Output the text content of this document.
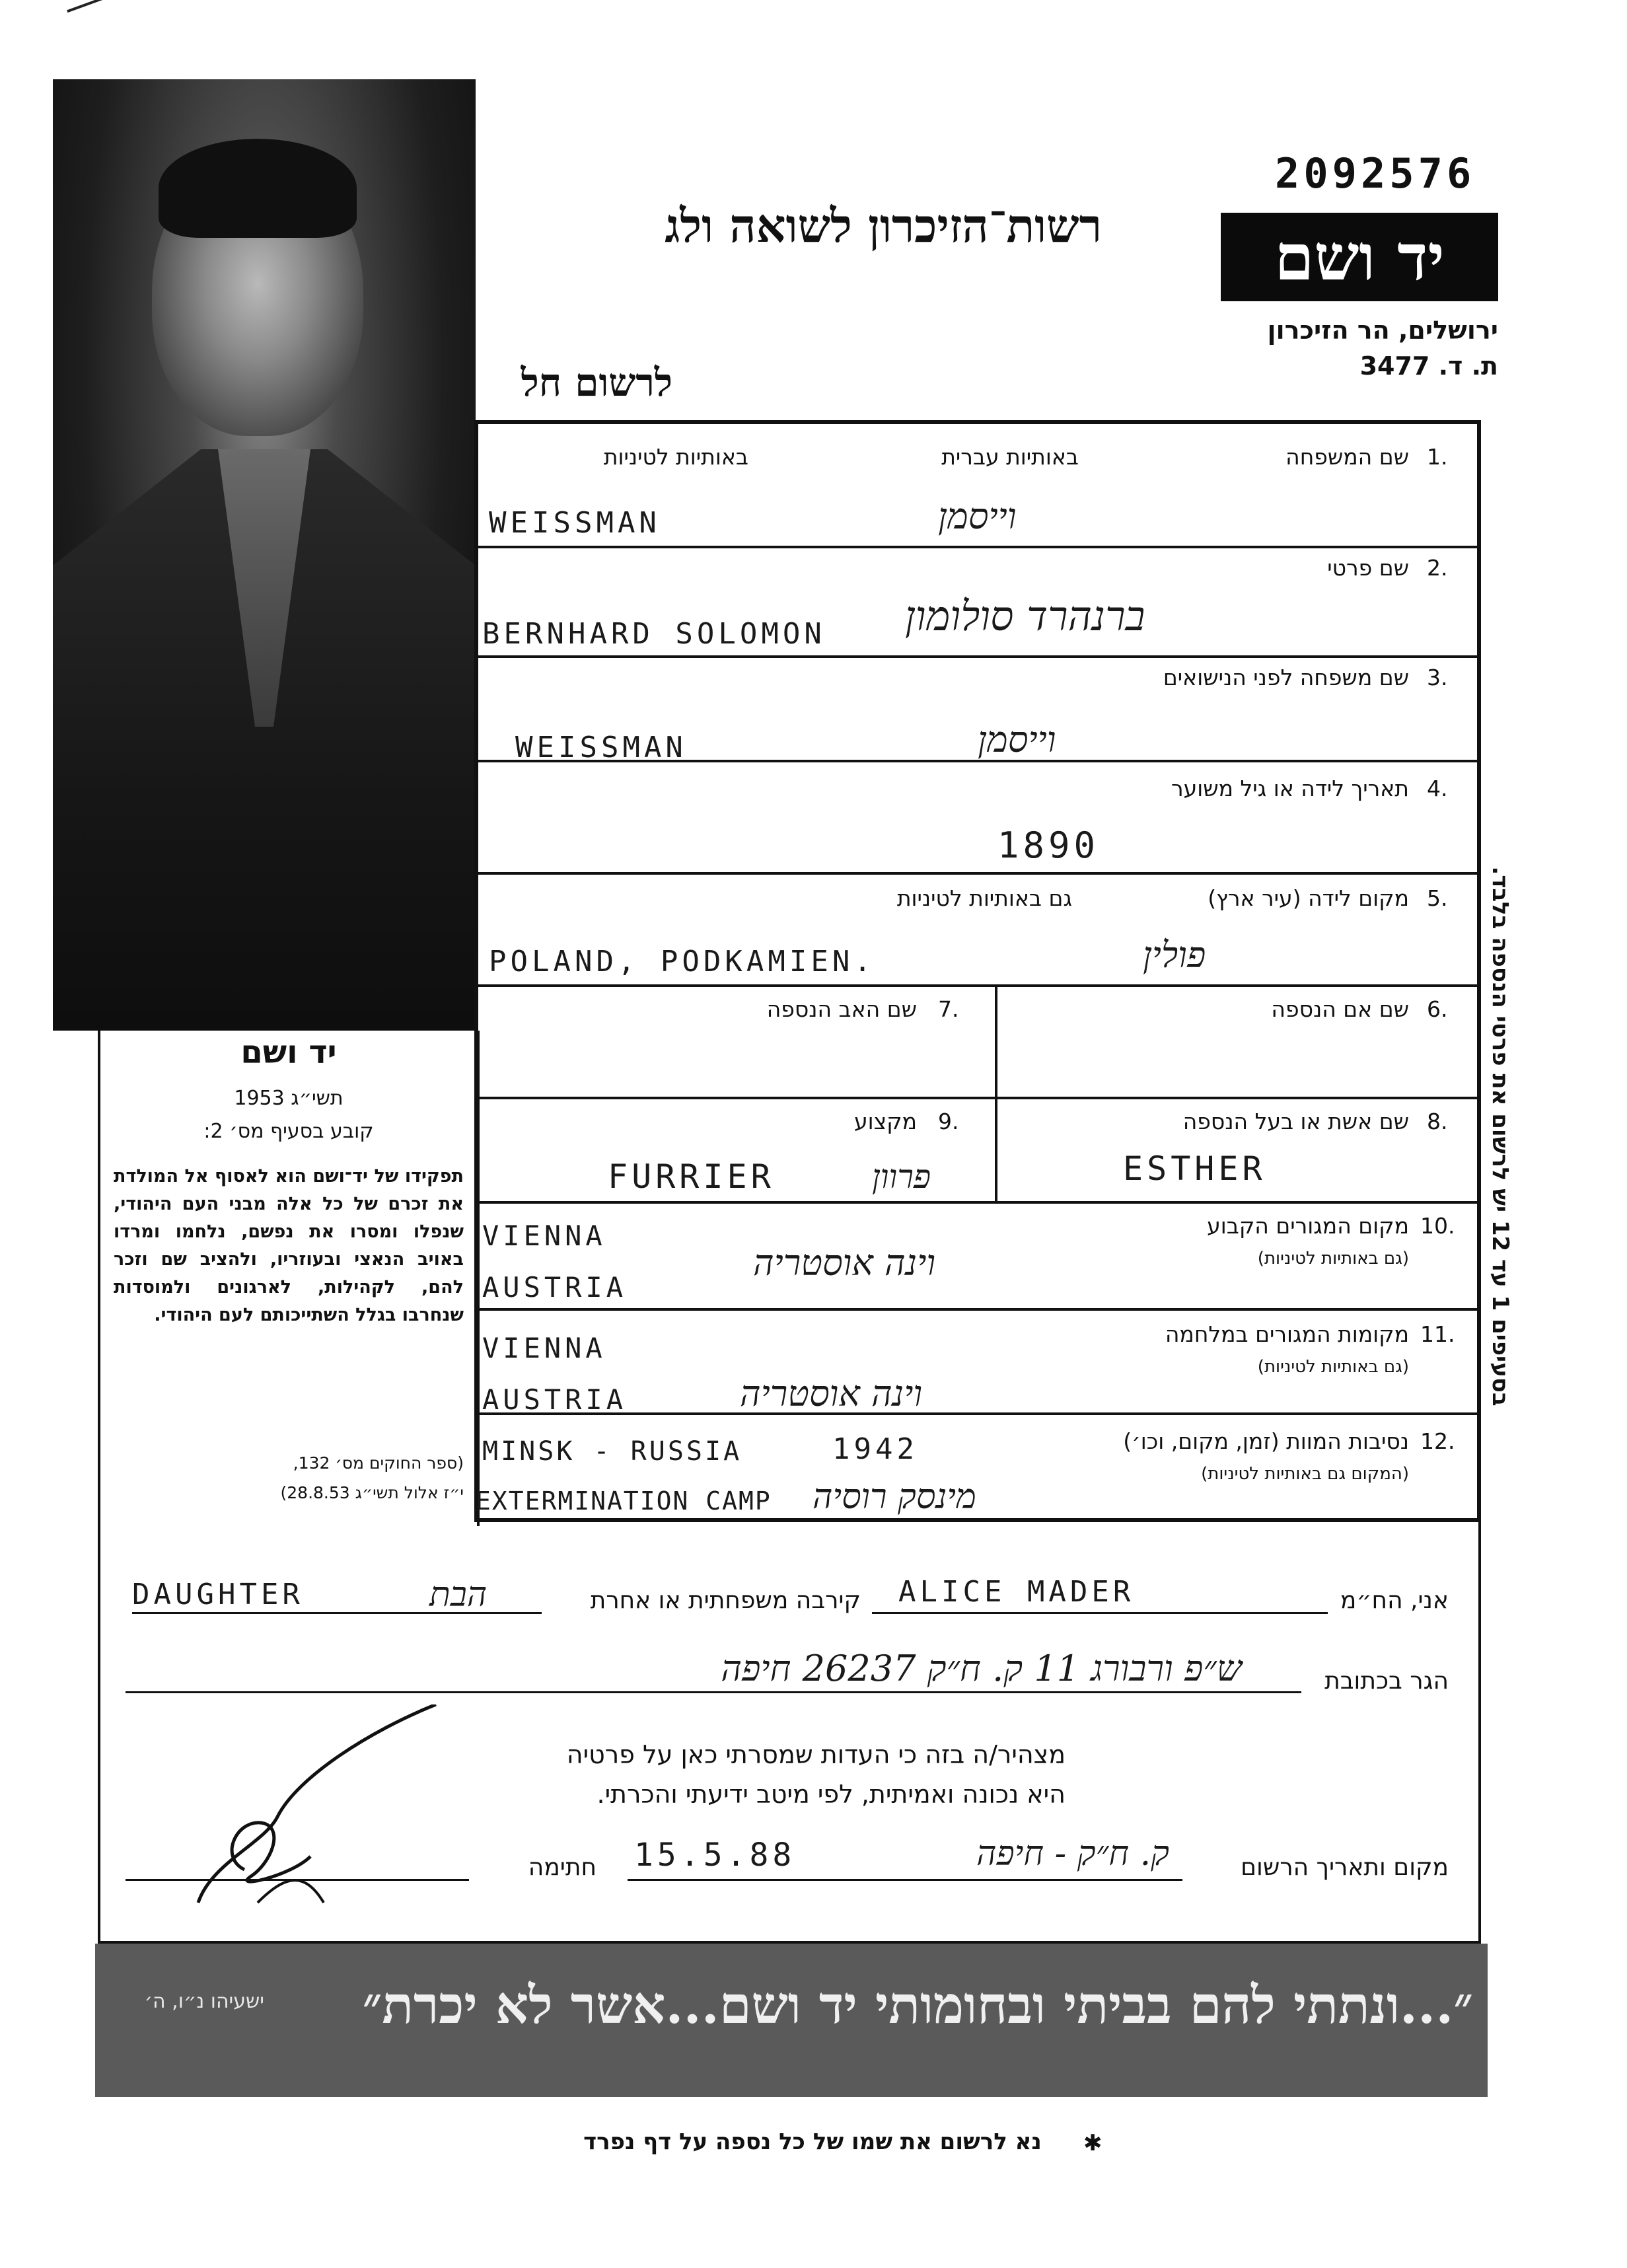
2092576
רשות־הזיכרון לשואה ולג
לרשום חל
יד ושם
ירושלים, הר הזיכרון
ת. ד. 3477
יד ושם
תשי״ג 1953
קובע בסעיף מס׳ 2:
תפקידו של יד־ושם הוא לאסוף אל המולדת את זכרם של כל אלה מבני העם היהודי, שנפלו ומסרו את נפשם, נלחמו ומרדו באויב הנאצי ובעוזריו, ולהציב שם וזכר להם, לקהילות, לארגונים ולמוסדות שנחרבו בגלל השתייכותם לעם היהודי.
(ספר החוקים מס׳ 132,
י״ז אלול תשי״ג 28.8.53)
1.
שם המשפחה
באותיות עברית
באותיות לטיניות
WEISSMAN	וייסמן
2.
שם פרטי
BERNHARD SOLOMON ברנהרד סולומון
3.
שם משפחה לפני הנישואים
WEISSMAN	וייסמן
4.
תאריך לידה או גיל משוער
1890
5.
מקום לידה (עיר ארץ)
גם באותיות לטיניות
POLAND, PODKAMIEN.	פולין
6.
שם אם הנספה
7.
שם האב הנספה
8.
שם אשת או בעל הנספה
ESTHER
9.
מקצוע
FURRIER	פרוון
10.
מקום המגורים הקבוע
(גם באותיות לטיניות)
VIENNA
AUSTRIA
וינה אוסטריה
11.
מקומות המגורים במלחמה
(גם באותיות לטיניות)
VIENNA
AUSTRIA	וינה אוסטריה
12.
נסיבות המוות (זמן, מקום, וכו׳)
(המקום גם באותיות לטיניות)
MINSK - RUSSIA	1942
EXTERMINATION CAMP מינסק רוסיה
בסעיפים 1 עד 12 יש לרשום את פרטי הנספה בלבד.
אני, הח״מ
ALICE MADER
קירבה משפחתית או אחרת
DAUGHTER	הבת
הגר בכתובת
ש״פ ורבורג 11 ק. ח״ק 26237 חיפה
מצהיר/ה בזה כי העדות שמסרתי כאן על פרטיה
היא נכונה ואמיתית, לפי מיטב ידיעתי והכרתי.
מקום ותאריך הרשום
15.5.88	ק. ח״ק - חיפה
חתימה
״...ונתתי להם בביתי ובחומותי יד ושם...אשר לא יכרת״
ישעיהו נ״ו, ה׳
נא לרשום את שמו של כל נספה על דף נפרד	✱
